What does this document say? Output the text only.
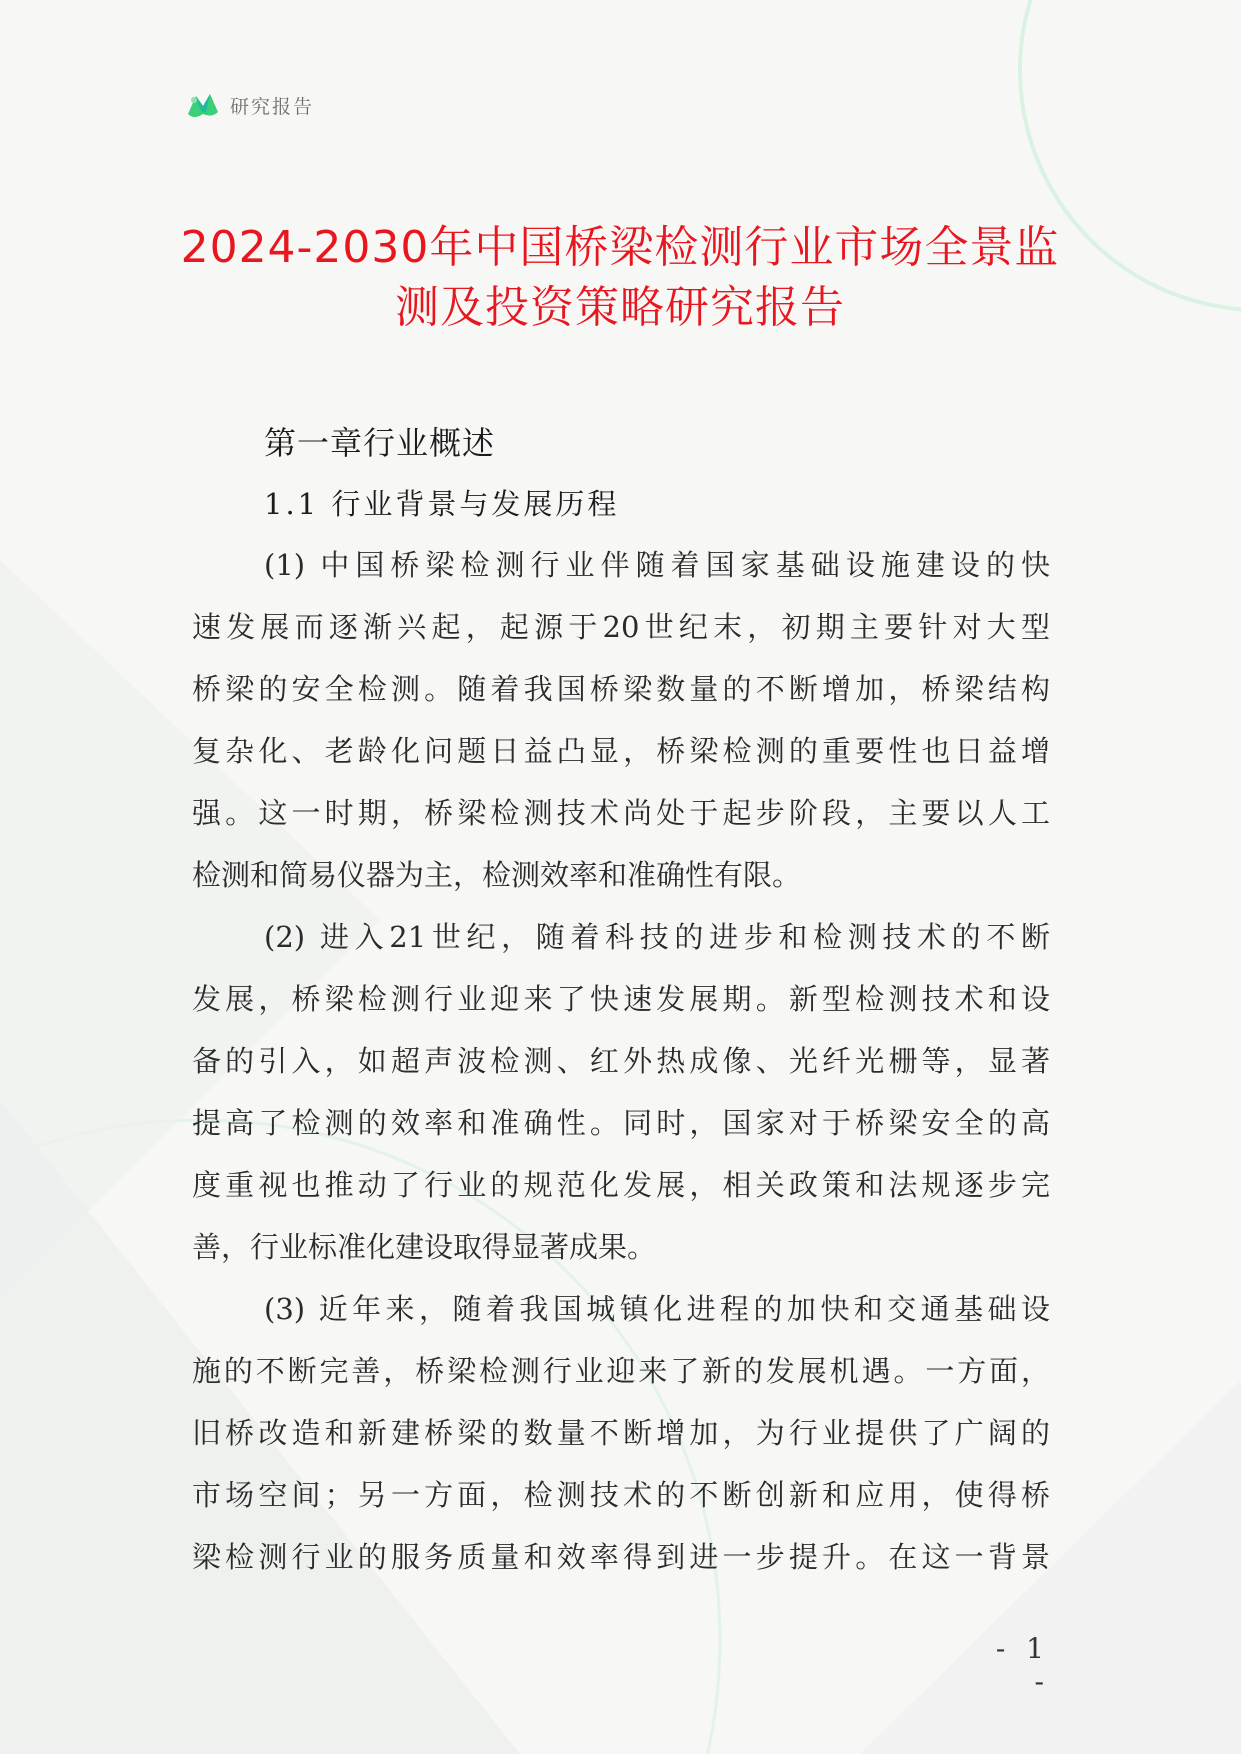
研究报告
2024-2030年中国桥梁检测行业市场全景监
测及投资策略研究报告
第一章行业概述
1.1 行业背景与发展历程
(1) 中国桥梁检测行业伴随着国家基础设施建设的快
速发展而逐渐兴起，起源于20世纪末，初期主要针对大型
桥梁的安全检测。随着我国桥梁数量的不断增加，桥梁结构
复杂化、老龄化问题日益凸显，桥梁检测的重要性也日益增
强。这一时期，桥梁检测技术尚处于起步阶段，主要以人工
检测和简易仪器为主，检测效率和准确性有限。
(2) 进入21世纪，随着科技的进步和检测技术的不断
发展，桥梁检测行业迎来了快速发展期。新型检测技术和设
备的引入，如超声波检测、红外热成像、光纤光栅等，显著
提高了检测的效率和准确性。同时，国家对于桥梁安全的高
度重视也推动了行业的规范化发展，相关政策和法规逐步完
善，行业标准化建设取得显著成果。
(3) 近年来，随着我国城镇化进程的加快和交通基础设
施的不断完善，桥梁检测行业迎来了新的发展机遇。一方面，
旧桥改造和新建桥梁的数量不断增加，为行业提供了广阔的
市场空间；另一方面，检测技术的不断创新和应用，使得桥
梁检测行业的服务质量和效率得到进一步提升。在这一背景
- 1 -
